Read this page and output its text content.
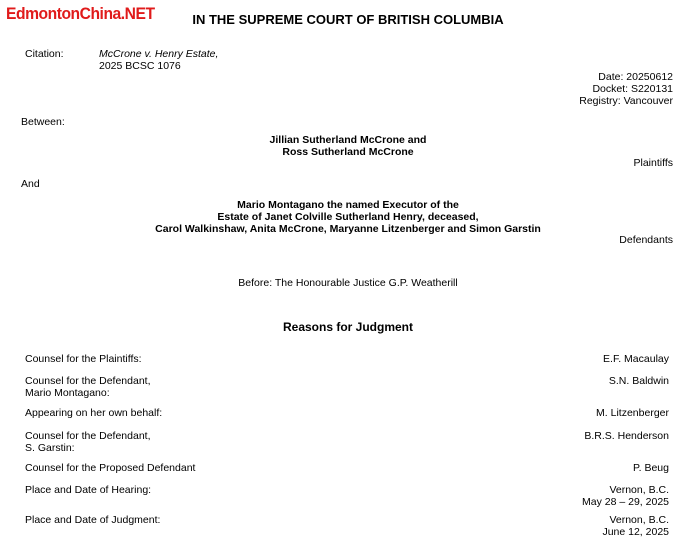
EdmontonChina.NET	IN THE SUPREME COURT OF BRITISH COLUMBIA
Citation:	McCrone v. Henry Estate,
2025 BCSC 1076
Date: 20250612
Docket: S220131
Registry: Vancouver
Between:
Jillian Sutherland McCrone and
Ross Sutherland McCrone
Plaintiffs
And
Mario Montagano the named Executor of the
Estate of Janet Colville Sutherland Henry, deceased,
Carol Walkinshaw, Anita McCrone, Maryanne Litzenberger and Simon Garstin
Defendants
Before: The Honourable Justice G.P. Weatherill
Reasons for Judgment
Counsel for the Plaintiffs:	E.F. Macaulay
Counsel for the Defendant,
Mario Montagano:
S.N. Baldwin
Appearing on her own behalf:	M. Litzenberger
Counsel for the Defendant,
S. Garstin:
B.R.S. Henderson
Counsel for the Proposed Defendant	P. Beug
Place and Date of Hearing:	Vernon, B.C.
May 28 – 29, 2025
Place and Date of Judgment:	Vernon, B.C.
June 12, 2025
